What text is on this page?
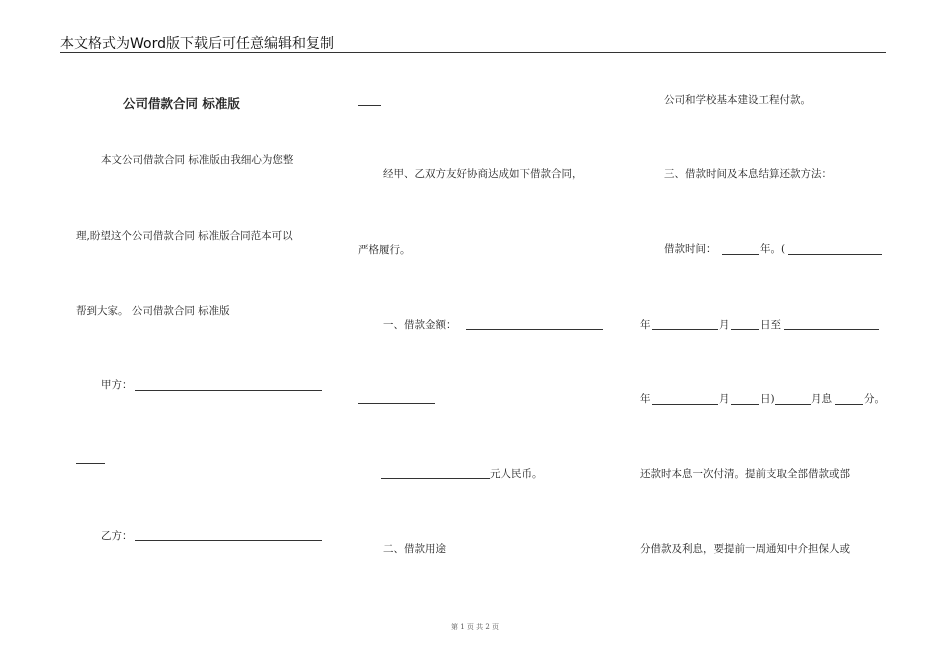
本文格式为Word版下载后可任意编辑和复制
公司借款合同 标准版
本文公司借款合同 标准版由我细心为您整
理,盼望这个公司借款合同 标准版合同范本可以
帮到大家。 公司借款合同 标准版
甲方：
乙方：
经甲、乙双方友好协商达成如下借款合同，
严格履行。
一、借款金额：
元人民币。
二、借款用途
公司和学校基本建设工程付款。
三、借款时间及本息结算还款方法：
借款时间：	年。(
年	月	日至
年	月	日)	月息	分。
还款时本息一次付清。提前支取全部借款或部
分借款及利息，要提前一周通知中介担保人或
第 1 页 共 2 页
